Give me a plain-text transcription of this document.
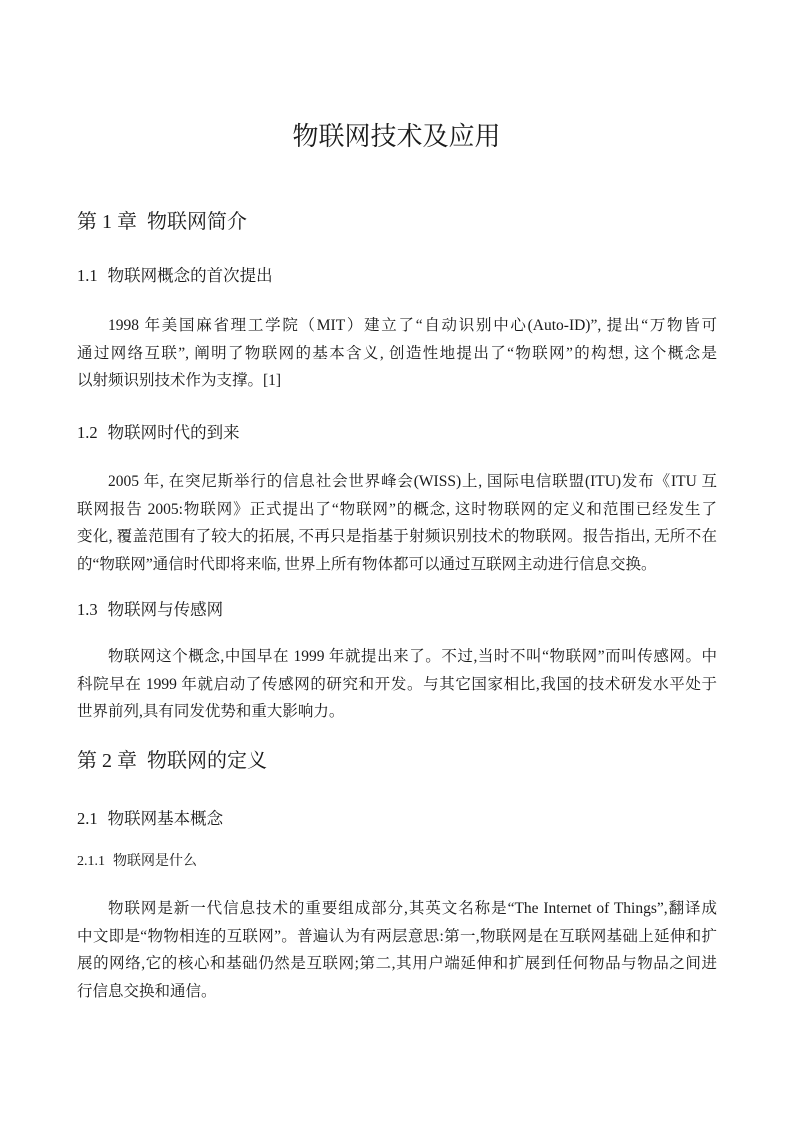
物联网技术及应用
第 1 章 物联网简介
1.1 物联网概念的首次提出
1998 年美国麻省理工学院（MIT）建立了“自动识别中心(Auto-ID)”, 提出“万物皆可
通过网络互联”, 阐明了物联网的基本含义, 创造性地提出了“物联网”的构想, 这个概念是
以射频识别技术作为支撑。[1]
1.2 物联网时代的到来
2005 年, 在突尼斯举行的信息社会世界峰会(WISS)上, 国际电信联盟(ITU)发布《ITU 互
联网报告 2005:物联网》正式提出了“物联网”的概念, 这时物联网的定义和范围已经发生了
变化, 覆盖范围有了较大的拓展, 不再只是指基于射频识别技术的物联网。报告指出, 无所不在
的“物联网”通信时代即将来临, 世界上所有物体都可以通过互联网主动进行信息交换。
1.3 物联网与传感网
物联网这个概念,中国早在 1999 年就提出来了。不过,当时不叫“物联网”而叫传感网。中
科院早在 1999 年就启动了传感网的研究和开发。与其它国家相比,我国的技术研发水平处于
世界前列,具有同发优势和重大影响力。
第 2 章 物联网的定义
2.1 物联网基本概念
2.1.1 物联网是什么
物联网是新一代信息技术的重要组成部分,其英文名称是“The Internet of Things”,翻译成
中文即是“物物相连的互联网”。普遍认为有两层意思:第一,物联网是在互联网基础上延伸和扩
展的网络,它的核心和基础仍然是互联网;第二,其用户端延伸和扩展到任何物品与物品之间进
行信息交换和通信。
